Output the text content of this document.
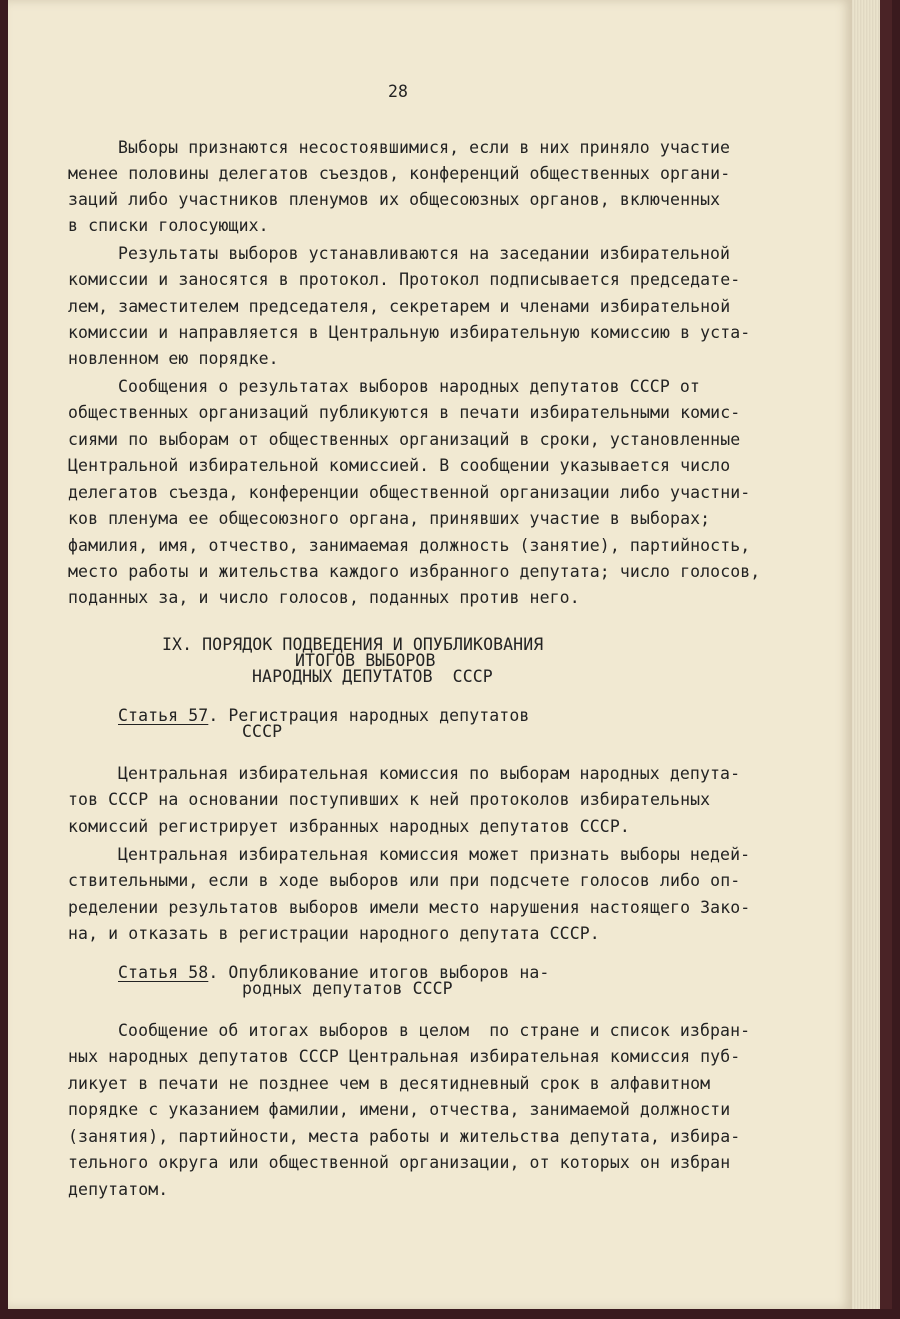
28
Выборы признаются несостоявшимися, если в них приняло участие
менее половины делегатов съездов, конференций общественных органи-
заций либо участников пленумов их общесоюзных органов, включенных
в списки голосующих.
Результаты выборов устанавливаются на заседании избирательной
комиссии и заносятся в протокол. Протокол подписывается председате-
лем, заместителем председателя, секретарем и членами избирательной
комиссии и направляется в Центральную избирательную комиссию в уста-
новленном ею порядке.
Сообщения о результатах выборов народных депутатов СССР от
общественных организаций публикуются в печати избирательными комис-
сиями по выборам от общественных организаций в сроки, установленные
Центральной избирательной комиссией. В сообщении указывается число
делегатов съезда, конференции общественной организации либо участни-
ков пленума ее общесоюзного органа, принявших участие в выборах;
фамилия, имя, отчество, занимаемая должность (занятие), партийность,
место работы и жительства каждого избранного депутата; число голосов,
поданных за, и число голосов, поданных против него.
IX. ПОРЯДОК ПОДВЕДЕНИЯ И ОПУБЛИКОВАНИЯ
ИТОГОВ ВЫБОРОВ
НАРОДНЫХ ДЕПУТАТОВ  СССР
Статья 57. Регистрация народных депутатов
СССР
Центральная избирательная комиссия по выборам народных депута-
тов СССР на основании поступивших к ней протоколов избирательных
комиссий регистрирует избранных народных депутатов СССР.
Центральная избирательная комиссия может признать выборы недей-
ствительными, если в ходе выборов или при подсчете голосов либо оп-
ределении результатов выборов имели место нарушения настоящего Зако-
на, и отказать в регистрации народного депутата СССР.
Статья 58. Опубликование итогов выборов на-
родных депутатов СССР
Сообщение об итогах выборов в целом  по стране и список избран-
ных народных депутатов СССР Центральная избирательная комиссия пуб-
ликует в печати не позднее чем в десятидневный срок в алфавитном
порядке с указанием фамилии, имени, отчества, занимаемой должности
(занятия), партийности, места работы и жительства депутата, избира-
тельного округа или общественной организации, от которых он избран
депутатом.
